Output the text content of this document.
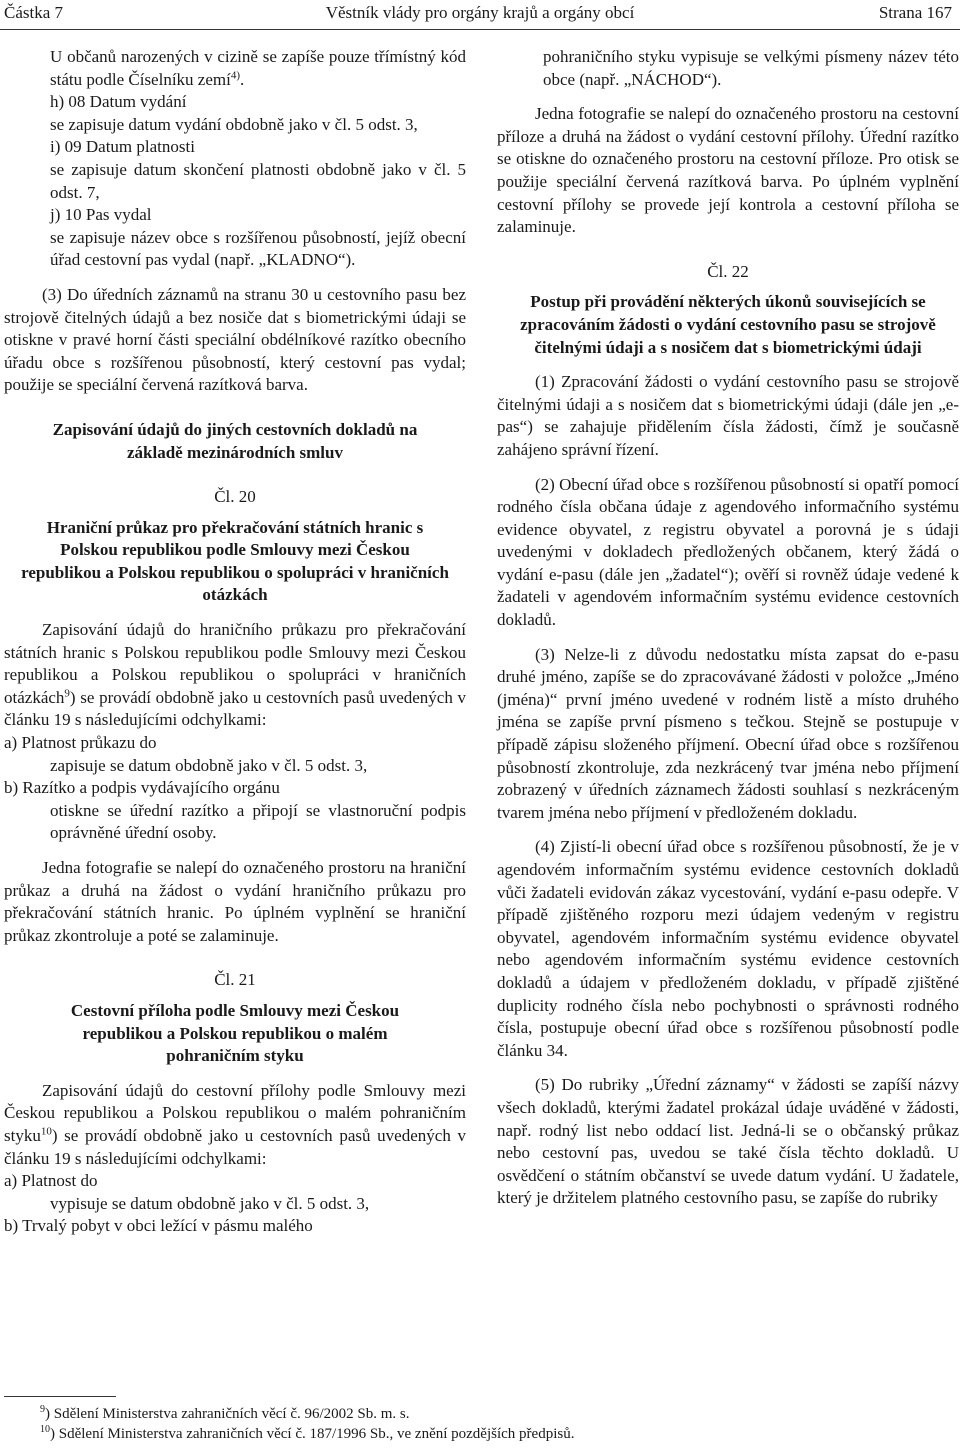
Věstník vlády pro orgány krajů a orgány obcí
Částka 7	Strana 167

U občanů narozených v cizině se zapíše pouze třímístný kód státu podle Číselníku zemí$^{4)}$.

h) 08 Datum vydání

se zapisuje datum vydání obdobně jako v čl. 5 odst. 3,

i) 09 Datum platnosti

se zapisuje datum skončení platnosti obdobně jako v čl. 5 odst. 7,

j) 10 Pas vydal

se zapisuje název obce s rozšířenou působností, jejíž obecní úřad cestovní pas vydal (např. „KLADNO“).

(3) Do úředních záznamů na stranu 30 u cestovního pasu bez strojově čitelných údajů a bez nosiče dat s biometrickými údaji se otiskne v pravé horní části speciální obdélníkové razítko obecního úřadu obce s rozšířenou působností, který cestovní pas vydal; použije se speciální červená razítková barva.

Zapisování údajů do jiných cestovních dokladů na základě mezinárodních smluv

Čl. 20

Hraniční průkaz pro překračování státních hranic s Polskou republikou podle Smlouvy mezi Českou republikou a Polskou republikou o spolupráci v hraničních otázkách

Zapisování údajů do hraničního průkazu pro překračování státních hranic s Polskou republikou podle Smlouvy mezi Českou republikou a Polskou republikou o spolupráci v hraničních otázkách$^9$) se provádí obdobně jako u cestovních pasů uvedených v článku 19 s následujícími odchylkami:

a) Platnost průkazu do

zapisuje se datum obdobně jako v čl. 5 odst. 3,

b) Razítko a podpis vydávajícího orgánu

otiskne se úřední razítko a připojí se vlastnoruční podpis oprávněné úřední osoby.

Jedna fotografie se nalepí do označeného prostoru na hraniční průkaz a druhá na žádost o vydání hraničního průkazu pro překračování státních hranic. Po úplném vyplnění se hraniční průkaz zkontroluje a poté se zalaminuje.

Čl. 21

Cestovní příloha podle Smlouvy mezi Českou republikou a Polskou republikou o malém pohraničním styku

Zapisování údajů do cestovní přílohy podle Smlouvy mezi Českou republikou a Polskou republikou o malém pohraničním styku$^{10}$) se provádí obdobně jako u cestovních pasů uvedených v článku 19 s následujícími odchylkami:

a) Platnost do

vypisuje se datum obdobně jako v čl. 5 odst. 3,

b) Trvalý pobyt v obci ležící v pásmu malého

pohraničního styku vypisuje se velkými písmeny název této obce (např. „NÁCHOD“).

Jedna fotografie se nalepí do označeného prostoru na cestovní příloze a druhá na žádost o vydání cestovní přílohy. Úřední razítko se otiskne do označeného prostoru na cestovní příloze. Pro otisk se použije speciální červená razítková barva. Po úplném vyplnění cestovní přílohy se provede její kontrola a cestovní příloha se zalaminuje.

Čl. 22

Postup při provádění některých úkonů souvisejících se zpracováním žádosti o vydání cestovního pasu se strojově čitelnými údaji a s nosičem dat s biometrickými údaji

(1) Zpracování žádosti o vydání cestovního pasu se strojově čitelnými údaji a s nosičem dat s biometrickými údaji (dále jen „e-pas“) se zahajuje přidělením čísla žádosti, čímž je současně zahájeno správní řízení.

(2) Obecní úřad obce s rozšířenou působností si opatří pomocí rodného čísla občana údaje z agendového informačního systému evidence obyvatel, z registru obyvatel a porovná je s údaji uvedenými v dokladech předložených občanem, který žádá o vydání e-pasu (dále jen „žadatel“); ověří si rovněž údaje vedené k žadateli v agendovém informačním systému evidence cestovních dokladů.

(3) Nelze-li z důvodu nedostatku místa zapsat do e-pasu druhé jméno, zapíše se do zpracovávané žádosti v položce „Jméno (jména)“ první jméno uvedené v rodném listě a místo druhého jména se zapíše první písmeno s tečkou. Stejně se postupuje v případě zápisu složeného příjmení. Obecní úřad obce s rozšířenou působností zkontroluje, zda nezkrácený tvar jména nebo příjmení zobrazený v úředních záznamech žádosti souhlasí s nezkráceným tvarem jména nebo příjmení v předloženém dokladu.

(4) Zjistí-li obecní úřad obce s rozšířenou působností, že je v agendovém informačním systému evidence cestovních dokladů vůči žadateli evidován zákaz vycestování, vydání e-pasu odepře. V případě zjištěného rozporu mezi údajem vedeným v registru obyvatel, agendovém informačním systému evidence obyvatel nebo agendovém informačním systému evidence cestovních dokladů a údajem v předloženém dokladu, v případě zjištěné duplicity rodného čísla nebo pochybnosti o správnosti rodného čísla, postupuje obecní úřad obce s rozšířenou působností podle článku 34.

(5) Do rubriky „Úřední záznamy“ v žádosti se zapíší názvy všech dokladů, kterými žadatel prokázal údaje uváděné v žádosti, např. rodný list nebo oddací list. Jedná-li se o občanský průkaz nebo cestovní pas, uvedou se také čísla těchto dokladů. U osvědčení o státním občanství se uvede datum vydání. U žadatele, který je držitelem platného cestovního pasu, se zapíše do rubriky

$^9$) Sdělení Ministerstva zahraničních věcí č. 96/2002 Sb. m. s.

$^{10}$) Sdělení Ministerstva zahraničních věcí č. 187/1996 Sb., ve znění pozdějších předpisů.
